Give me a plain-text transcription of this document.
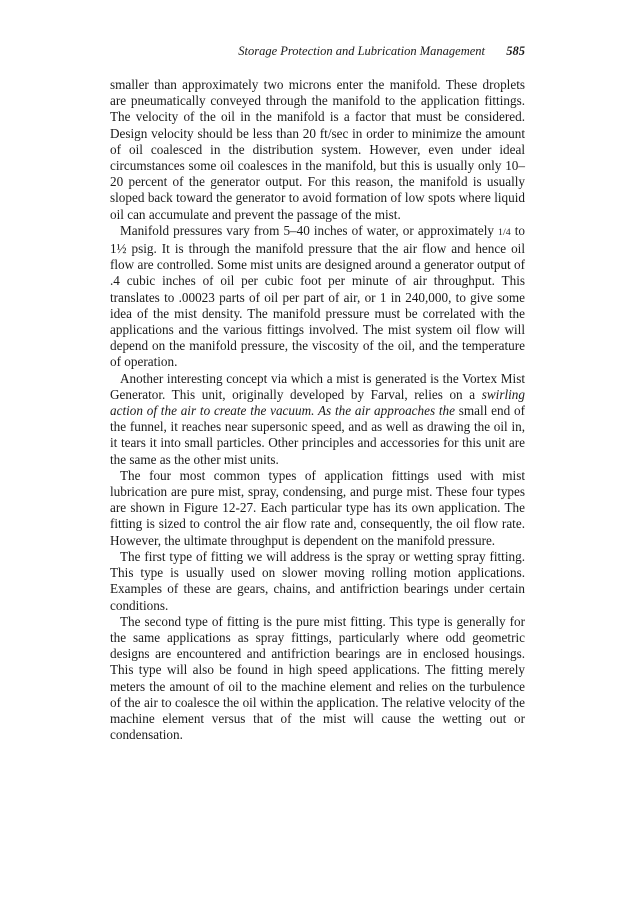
Storage Protection and Lubrication Management 585

smaller than approximately two microns enter the manifold. These droplets are pneumatically conveyed through the manifold to the application fittings. The velocity of the oil in the manifold is a factor that must be considered. Design velocity should be less than 20 ft/sec in order to minimize the amount of oil coalesced in the distribution system. However, even under ideal circumstances some oil coalesces in the manifold, but this is usually only 10–20 percent of the generator output. For this reason, the manifold is usually sloped back toward the generator to avoid formation of low spots where liquid oil can accumulate and prevent the passage of the mist.

Manifold pressures vary from 5–40 inches of water, or approximately 1/4 to 1½ psig. It is through the manifold pressure that the air flow and hence oil flow are controlled. Some mist units are designed around a generator output of .4 cubic inches of oil per cubic foot per minute of air throughput. This translates to .00023 parts of oil per part of air, or 1 in 240,000, to give some idea of the mist density. The manifold pressure must be correlated with the applications and the various fittings involved. The mist system oil flow will depend on the manifold pressure, the viscosity of the oil, and the temperature of operation.

Another interesting concept via which a mist is generated is the Vortex Mist Generator. This unit, originally developed by Farval, relies on a swirling action of the air to create the vacuum. As the air approaches the small end of the funnel, it reaches near supersonic speed, and as well as drawing the oil in, it tears it into small particles. Other principles and accessories for this unit are the same as the other mist units.

The four most common types of application fittings used with mist lubrication are pure mist, spray, condensing, and purge mist. These four types are shown in Figure 12-27. Each particular type has its own application. The fitting is sized to control the air flow rate and, consequently, the oil flow rate. However, the ultimate throughput is dependent on the manifold pressure.

The first type of fitting we will address is the spray or wetting spray fitting. This type is usually used on slower moving rolling motion applications. Examples of these are gears, chains, and antifriction bearings under certain conditions.

The second type of fitting is the pure mist fitting. This type is generally for the same applications as spray fittings, particularly where odd geometric designs are encountered and antifriction bearings are in enclosed housings. This type will also be found in high speed applications. The fitting merely meters the amount of oil to the machine element and relies on the turbulence of the air to coalesce the oil within the application. The relative velocity of the machine element versus that of the mist will cause the wetting out or condensation.
